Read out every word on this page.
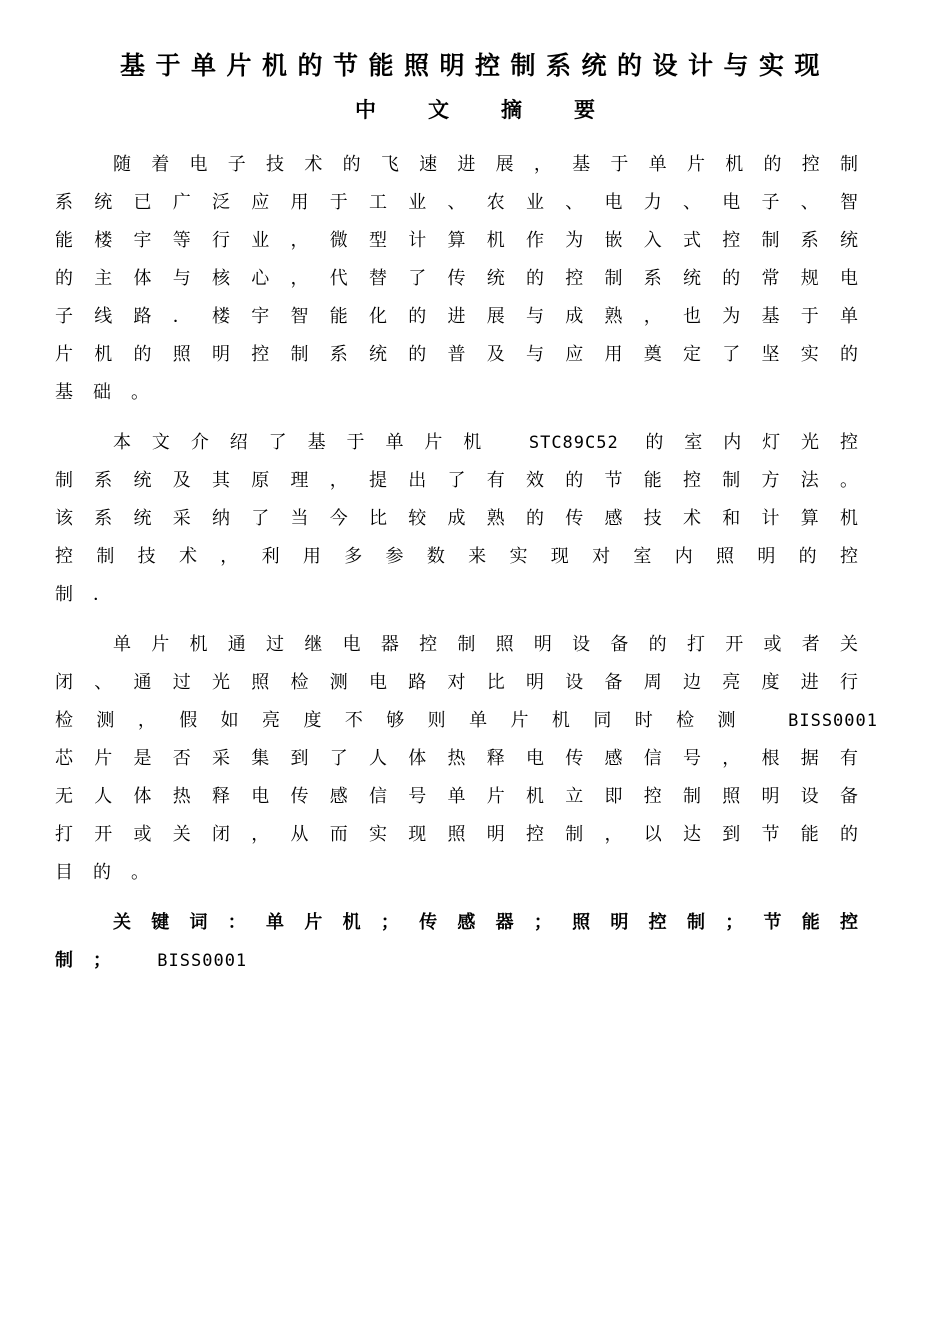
基于单片机的节能照明控制系统的设计与实现
中文摘要

随着电子技术的飞速进展，基于单片机的控制系统已广泛应用于工业、农业、电力、电子、智能楼宇等行业，微型计算机作为嵌入式控制系统的主体与核心，代替了传统的控制系统的常规电子线路．楼宇智能化的进展与成熟，也为基于单片机的照明控制系统的普及与应用奠定了坚实的基础。

本文介绍了基于单片机 STC89C52 的室内灯光控制系统及其原理，提出了有效的节能控制方法。该系统采纳了当今比较成熟的传感技术和计算机控制技术，利用多参数来实现对室内照明的控制．

单片机通过继电器控制照明设备的打开或者关闭、通过光照检测电路对比明设备周边亮度进行检测，假如亮度不够则单片机同时检测 BISS0001 芯片是否采集到了人体热释电传感信号，根据有无人体热释电传感信号单片机立即控制照明设备打开或关闭，从而实现照明控制，以达到节能的目的。

关键词：单片机；传感器；照明控制；节能控制； BISS0001
